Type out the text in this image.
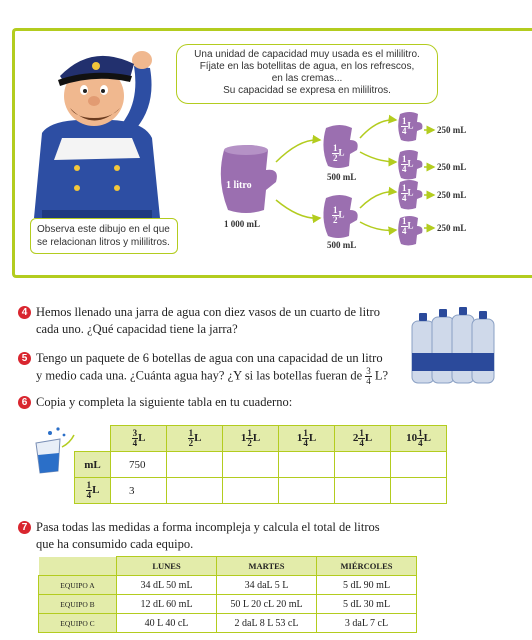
Una unidad de capacidad muy usada es el mililitro.
Fíjate en las botellitas de agua, en los refrescos,
en las cremas...
Su capacidad se expresa en mililitros.
Observa este dibujo en el que
se relacionan litros y mililitros.
1 litro
1 000 mL
500 mL
500 mL
$\frac{1}{2}$ L
$\frac{1}{2}$ L
$\frac{1}{4}$ L
$\frac{1}{4}$ L
$\frac{1}{4}$ L
$\frac{1}{4}$ L
250 mL
250 mL
250 mL
250 mL
4 Hemos llenado una jarra de agua con diez vasos de un cuarto de litro
cada uno. ¿Qué capacidad tiene la jarra?
5 Tengo un paquete de 6 botellas de agua con una capacidad de un litro
y medio cada una. ¿Cuánta agua hay? ¿Y si las botellas fueran de $\frac{3}{4} L$?
6 Copia y completa la siguiente tabla en tu cuaderno:

	$\frac{3}{4}$ L	$\frac{1}{2}$ L	$1 \frac{1}{2}$ L	$1 \frac{1}{4}$ L	$2 \frac{1}{4}$ L	$10 \frac{1}{4}$ L
mL	750					

$\frac{1}{4}$ L	3					
7 Pasa todas las medidas a forma incompleja y calcula el total de litros
que ha consumido cada equipo.
	LUNES	MARTES	MIÉRCOLES
EQUIPO A	34 dL 50 mL	34 daL 5 L	5 dL 90 mL
EQUIPO B	12 dL 60 mL	50 L 20 cL 20 mL	5 dL 30 mL
EQUIPO C	40 L 40 cL	2 daL 8 L 53 cL	3 daL 7 cL
